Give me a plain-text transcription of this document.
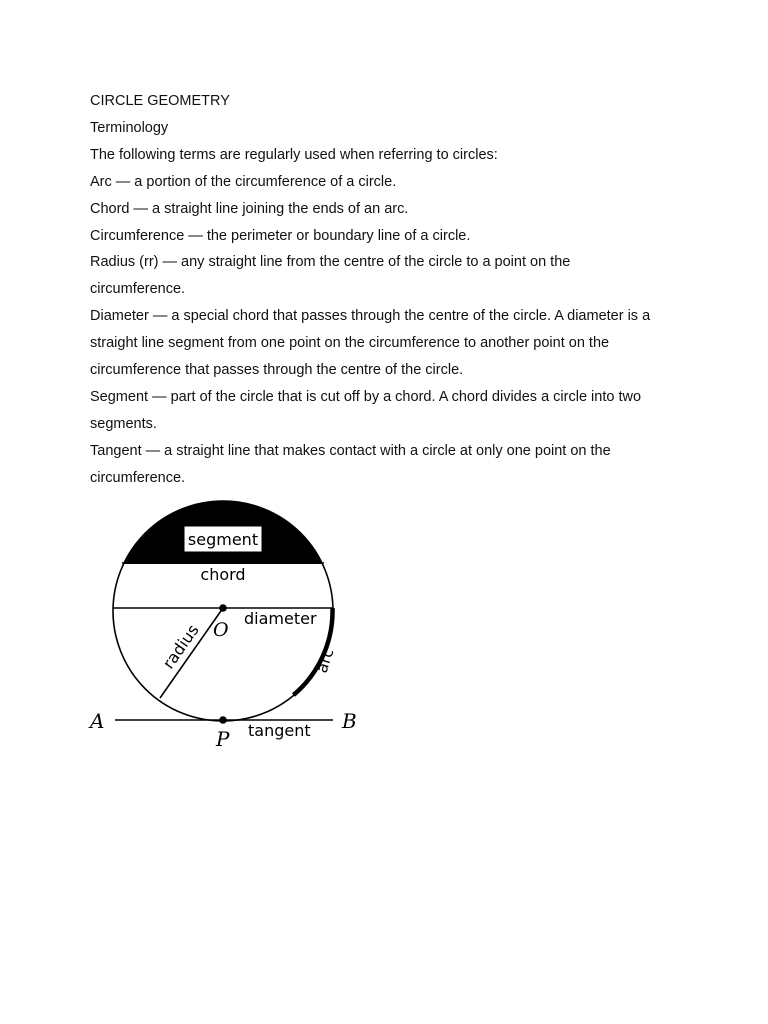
CIRCLE GEOMETRY

Terminology

The following terms are regularly used when referring to circles:

Arc — a portion of the circumference of a circle.

Chord — a straight line joining the ends of an arc.

Circumference — the perimeter or boundary line of a circle.

Radius (rr) — any straight line from the centre of the circle to a point on the

circumference.

Diameter — a special chord that passes through the centre of the circle. A diameter is a

straight line segment from one point on the circumference to another point on the

circumference that passes through the centre of the circle.

Segment — part of the circle that is cut off by a chord. A chord divides a circle into two

segments.

Tangent — a straight line that makes contact with a circle at only one point on the

circumference.

segment
chord
diameter
O
radius	arc
A	B
P tangent
